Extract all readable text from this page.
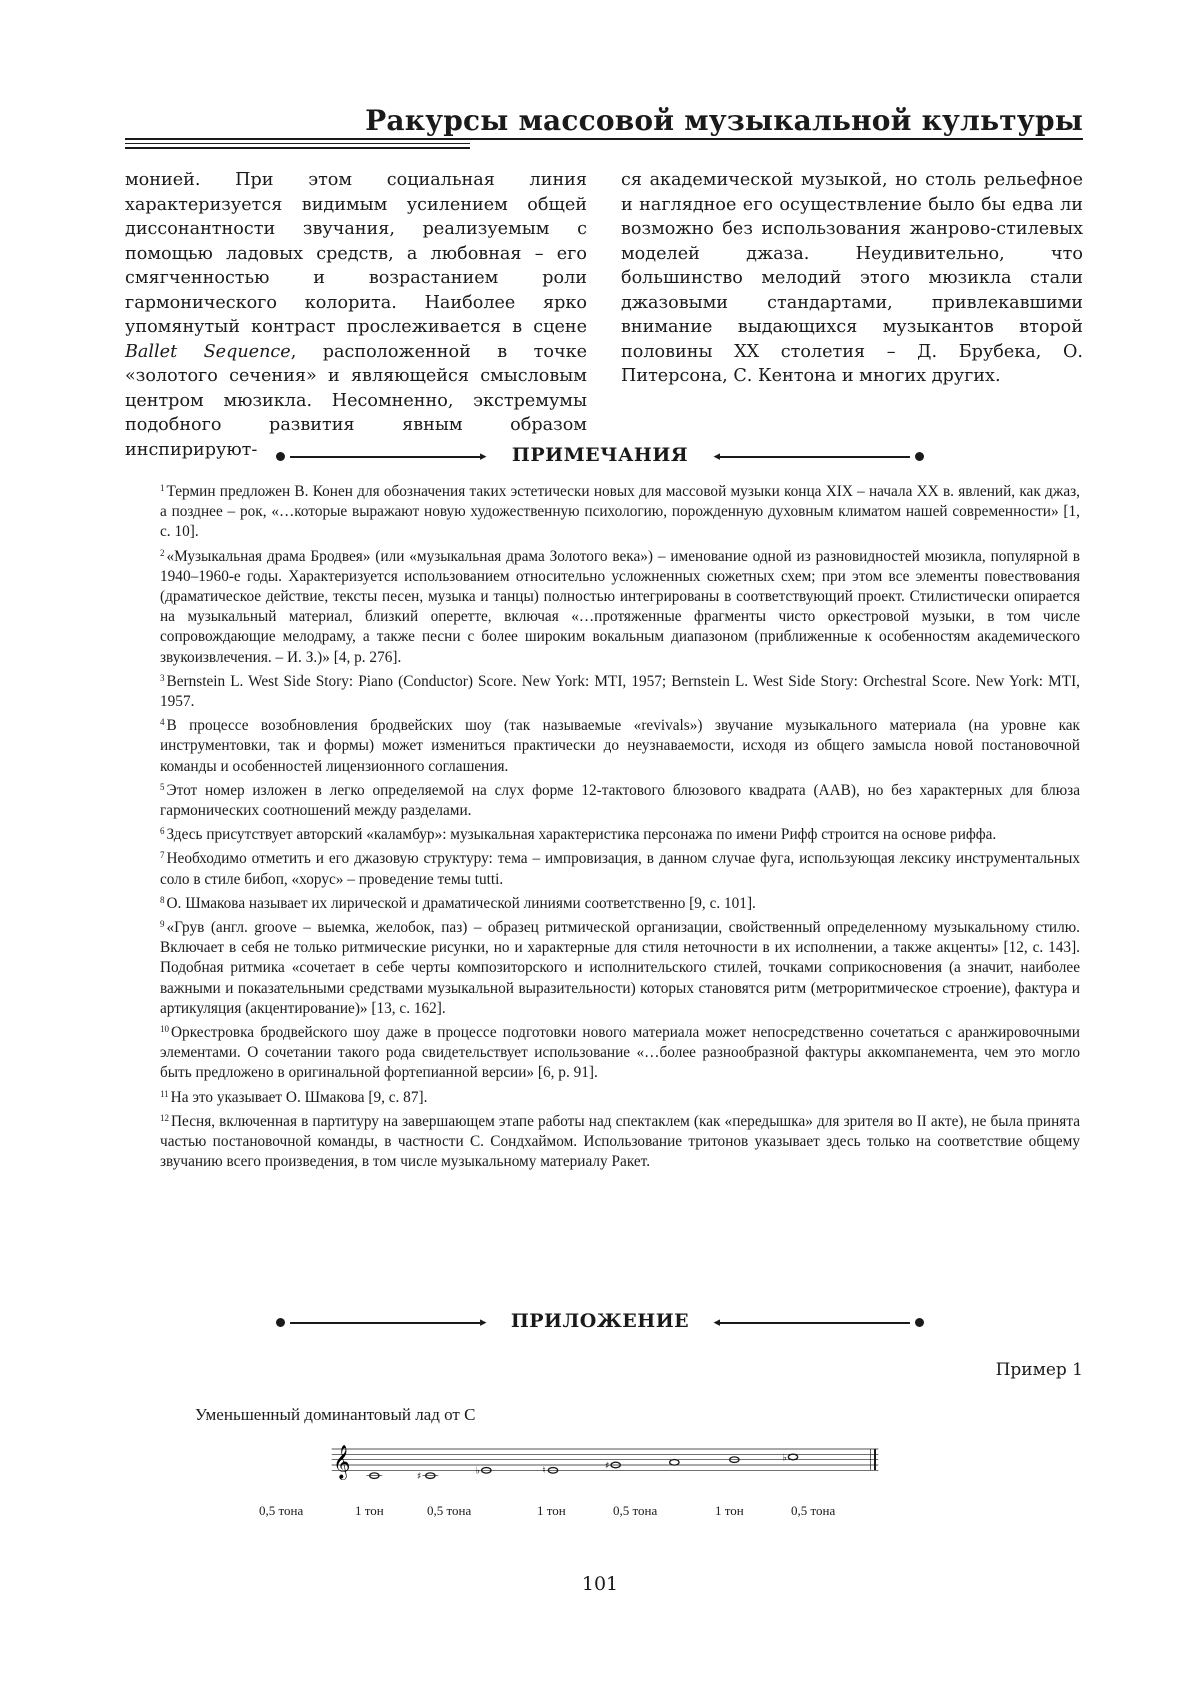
Ракурсы массовой музыкальной культуры

монией. При этом социальная линия характеризуется видимым усилением общей диссонантности звучания, реализуемым с помощью ладовых средств, а любовная – его смягченностью и возрастанием роли гармонического колорита. Наиболее ярко упомянутый контраст прослеживается в сцене Ballet Sequence, расположенной в точке «золотого сечения» и являющейся смысловым центром мюзикла. Несомненно, экстремумы подобного развития явным образом инспирируют-

ся академической музыкой, но столь рельефное и наглядное его осуществление было бы едва ли возможно без использования жанрово-стилевых моделей джаза. Неудивительно, что большинство мелодий этого мюзикла стали джазовыми стандартами, привлекавшими внимание выдающихся музыкантов второй половины XX столетия – Д. Брубека, О. Питерсона, С. Кентона и многих других.

▸	ПРИМЕЧАНИЯ	◂

$^1$ Термин предложен В. Конен для обозначения таких эстетически новых для массовой музыки конца XIX – начала XX в. явлений, как джаз, а позднее – рок, «…которые выражают новую художественную психологию, порожденную духовным климатом нашей современности» [1, с. 10].

$^2$ «Музыкальная драма Бродвея» (или «музыкальная драма Золотого века») – именование одной из разновидностей мюзикла, популярной в 1940–1960-е годы. Характеризуется использованием относительно усложненных сюжетных схем; при этом все элементы повествования (драматическое действие, тексты песен, музыка и танцы) полностью интегрированы в соответствующий проект. Стилистически опирается на музыкальный материал, близкий оперетте, включая «…протяженные фрагменты чисто оркестровой музыки, в том числе сопровождающие мелодраму, а также песни с более широким вокальным диапазоном (приближенные к особенностям академического звукоизвлечения. – И. З.)» [4, p. 276].

$^3$ Bernstein L. West Side Story: Piano (Conductor) Score. New York: MTI, 1957; Bernstein L. West Side Story: Orchestral Score. New York: MTI, 1957.

$^4$ В процессе возобновления бродвейских шоу (так называемые «revivals») звучание музыкального материала (на уровне как инструментовки, так и формы) может измениться практически до неузнаваемости, исходя из общего замысла новой постановочной команды и особенностей лицензионного соглашения.

$^5$ Этот номер изложен в легко определяемой на слух форме 12-тактового блюзового квадрата (AAB), но без характерных для блюза гармонических соотношений между разделами.

$^6$ Здесь присутствует авторский «каламбур»: музыкальная характеристика персонажа по имени Рифф строится на основе риффа.

$^7$ Необходимо отметить и его джазовую структуру: тема – импровизация, в данном случае фуга, использующая лексику инструментальных соло в стиле бибоп, «хорус» – проведение темы tutti.

$^8$ О. Шмакова называет их лирической и драматической линиями соответственно [9, с. 101].

$^9$ «Грув (англ. groove – выемка, желобок, паз) – образец ритмической организации, свойственный определенному музыкальному стилю. Включает в себя не только ритмические рисунки, но и характерные для стиля неточности в их исполнении, а также акценты» [12, с. 143]. Подобная ритмика «сочетает в себе черты композиторского и исполнительского стилей, точками соприкосновения (а значит, наиболее важными и показательными средствами музыкальной выразительности) которых становятся ритм (метроритмическое строение), фактура и артикуляция (акцентирование)» [13, с. 162].

$^{10}$ Оркестровка бродвейского шоу даже в процессе подготовки нового материала может непосредственно сочетаться с аранжировочными элементами. О сочетании такого рода свидетельствует использование «…более разнообразной фактуры аккомпанемента, чем это могло быть предложено в оригинальной фортепианной версии» [6, p. 91].

$^{11}$ На это указывает О. Шмакова [9, с. 87].

$^{12}$ Песня, включенная в партитуру на завершающем этапе работы над спектаклем (как «передышка» для зрителя во II акте), не была принята частью постановочной команды, в частности С. Сондхаймом. Использование тритонов указывает здесь только на соответствие общему звучанию всего произведения, в том числе музыкальному материалу Ракет.

▸	ПРИЛОЖЕНИЕ	◂
Пример 1
Уменьшенный доминантовый лад от C
𝄞	♯	♭	♮	♯
♭
0,5 тона	1 тон	0,5 тона	1 тон	0,5 тона	1 тон	0,5 тона
101
